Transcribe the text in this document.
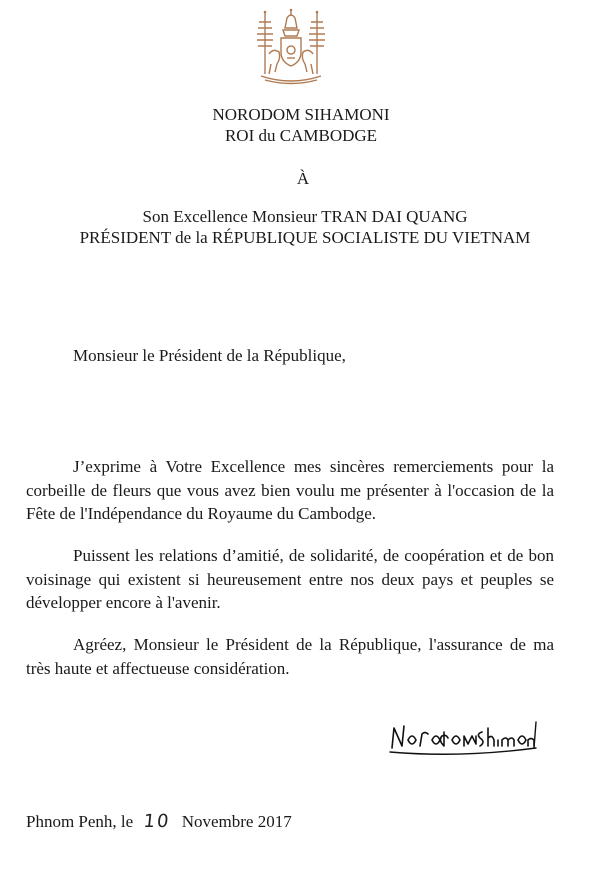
NORODOM SIHAMONI
ROI du CAMBODGE
À
Son Excellence Monsieur TRAN DAI QUANG
PRÉSIDENT de la RÉPUBLIQUE SOCIALISTE DU VIETNAM
Monsieur le Président de la République,

J’exprime à Votre Excellence mes sincères remerciements pour la corbeille de fleurs que vous avez bien voulu me présenter à l'occasion de la Fête de l'Indépendance du Royaume du Cambodge.

Puissent les relations d’amitié, de solidarité, de coopération et de bon voisinage qui existent si heureusement entre nos deux pays et peuples se développer encore à l'avenir.

Agréez, Monsieur le Président de la République, l'assurance de ma très haute et affectueuse considération.

Phnom Penh, le 10 Novembre 2017
